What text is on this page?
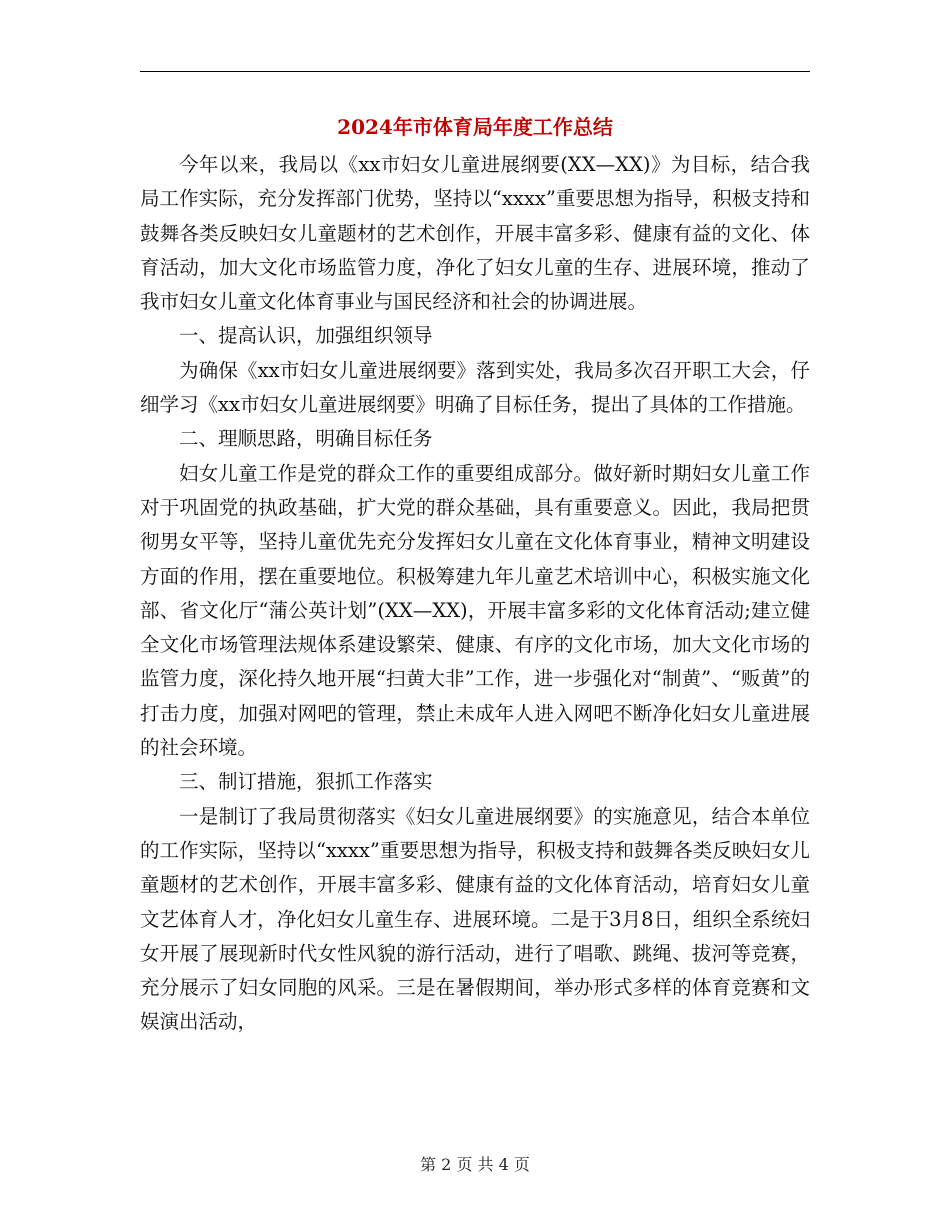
2024年市体育局年度工作总结

今年以来，我局以《xx市妇女儿童进展纲要(XX—XX)》为目标，结合我局工作实际，充分发挥部门优势，坚持以“xxxx”重要思想为指导，积极支持和鼓舞各类反映妇女儿童题材的艺术创作，开展丰富多彩、健康有益的文化、体育活动，加大文化市场监管力度，净化了妇女儿童的生存、进展环境，推动了我市妇女儿童文化体育事业与国民经济和社会的协调进展。

一、提高认识，加强组织领导

为确保《xx市妇女儿童进展纲要》落到实处，我局多次召开职工大会，仔细学习《xx市妇女儿童进展纲要》明确了目标任务，提出了具体的工作措施。

二、理顺思路，明确目标任务

妇女儿童工作是党的群众工作的重要组成部分。做好新时期妇女儿童工作对于巩固党的执政基础，扩大党的群众基础，具有重要意义。因此，我局把贯彻男女平等，坚持儿童优先充分发挥妇女儿童在文化体育事业，精神文明建设方面的作用，摆在重要地位。积极筹建九年儿童艺术培训中心，积极实施文化部、省文化厅“蒲公英计划”(XX—XX)，开展丰富多彩的文化体育活动;建立健全文化市场管理法规体系建设繁荣、健康、有序的文化市场，加大文化市场的监管力度，深化持久地开展“扫黄大非”工作，进一步强化对“制黄”、“贩黄”的打击力度，加强对网吧的管理，禁止未成年人进入网吧不断净化妇女儿童进展的社会环境。

三、制订措施，狠抓工作落实

一是制订了我局贯彻落实《妇女儿童进展纲要》的实施意见，结合本单位的工作实际，坚持以“xxxx”重要思想为指导，积极支持和鼓舞各类反映妇女儿童题材的艺术创作，开展丰富多彩、健康有益的文化体育活动，培育妇女儿童文艺体育人才，净化妇女儿童生存、进展环境。二是于3月8日，组织全系统妇女开展了展现新时代女性风貌的游行活动，进行了唱歌、跳绳、拔河等竞赛，充分展示了妇女同胞的风采。三是在暑假期间，举办形式多样的体育竞赛和文娱演出活动，

第 2 页 共 4 页
